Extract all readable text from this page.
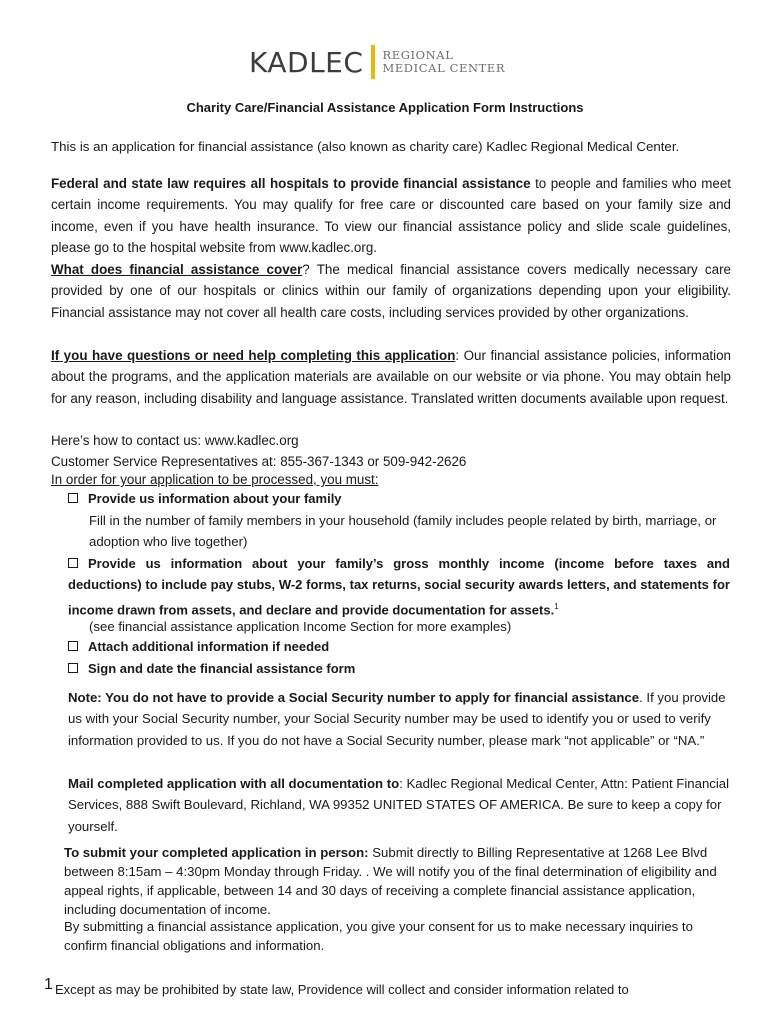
KADLEC REGIONAL
MEDICAL CENTER
Charity Care/Financial Assistance Application Form Instructions

This is an application for financial assistance (also known as charity care) Kadlec Regional Medical Center.

Federal and state law requires all hospitals to provide financial assistance to people and families who meet certain income requirements. You may qualify for free care or discounted care based on your family size and income, even if you have health insurance. To view our financial assistance policy and slide scale guidelines, please go to the hospital website from www.kadlec.org.

What does financial assistance cover? The medical financial assistance covers medically necessary care provided by one of our hospitals or clinics within our family of organizations depending upon your eligibility. Financial assistance may not cover all health care costs, including services provided by other organizations.

If you have questions or need help completing this application: Our financial assistance policies, information about the programs, and the application materials are available on our website or via phone. You may obtain help for any reason, including disability and language assistance. Translated written documents available upon request.

Here’s how to contact us: www.kadlec.org

Customer Service Representatives at: 855-367-1343 or 509-942-2626

In order for your application to be processed, you must:

Provide us information about your family
Fill in the number of family members in your household (family includes people related by birth, marriage, or adoption who live together)
Provide us information about your family’s gross monthly income (income before taxes and deductions) to include pay stubs, W-2 forms, tax returns, social security awards letters, and statements for income drawn from assets, and declare and provide documentation for assets.$^1$
(see financial assistance application Income Section for more examples)
Attach additional information if needed
Sign and date the financial assistance form
Note: You do not have to provide a Social Security number to apply for financial assistance. If you provide us with your Social Security number, your Social Security number may be used to identify you or used to verify information provided to us. If you do not have a Social Security number, please mark “not applicable” or “NA.”
Mail completed application with all documentation to: Kadlec Regional Medical Center, Attn: Patient Financial Services, 888 Swift Boulevard, Richland, WA 99352 UNITED STATES OF AMERICA. Be sure to keep a copy for yourself.
To submit your completed application in person: Submit directly to Billing Representative at 1268 Lee Blvd between 8:15am – 4:30pm Monday through Friday. . We will notify you of the final determination of eligibility and appeal rights, if applicable, between 14 and 30 days of receiving a complete financial assistance application, including documentation of income.
By submitting a financial assistance application, you give your consent for us to make necessary inquiries to confirm financial obligations and information.
1 Except as may be prohibited by state law, Providence will collect and consider information related to
